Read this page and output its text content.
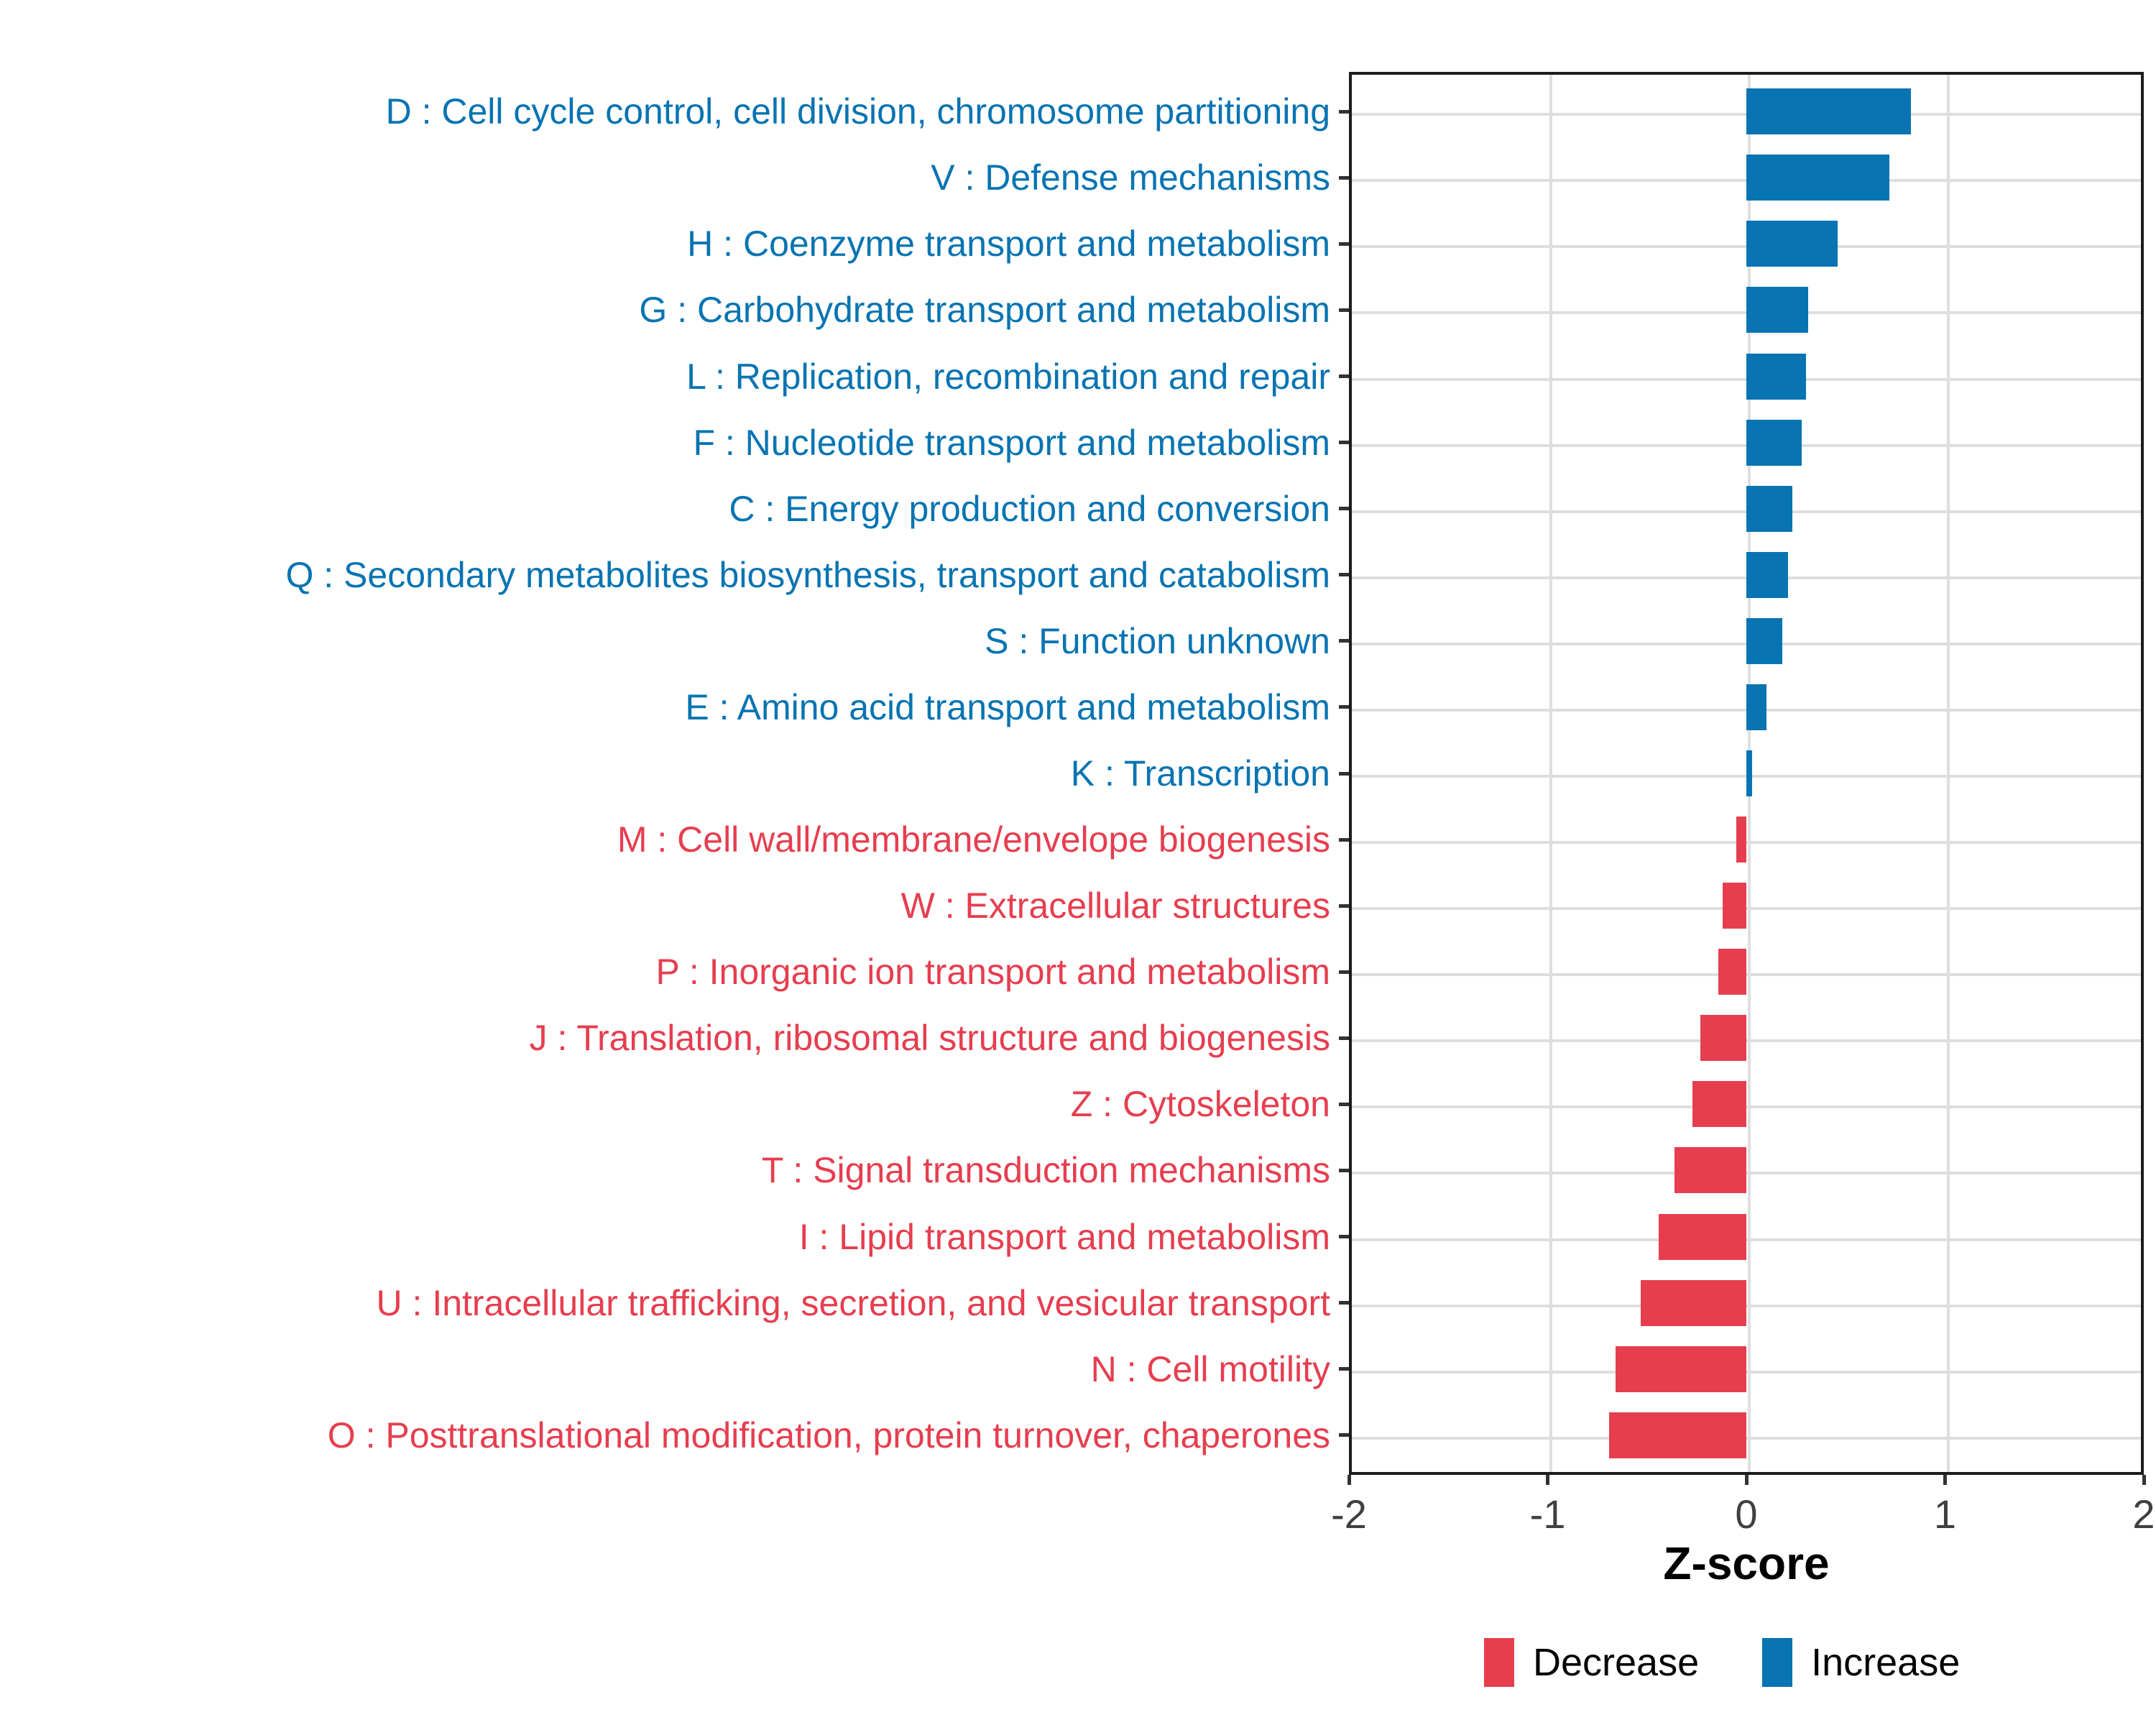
D : Cell cycle control, cell division, chromosome partitioning
V : Defense mechanisms
H : Coenzyme transport and metabolism
G : Carbohydrate transport and metabolism
L : Replication, recombination and repair
F : Nucleotide transport and metabolism
C : Energy production and conversion
Q : Secondary metabolites biosynthesis, transport and catabolism
S : Function unknown
E : Amino acid transport and metabolism
K : Transcription
M : Cell wall/membrane/envelope biogenesis
W : Extracellular structures
P : Inorganic ion transport and metabolism
J : Translation, ribosomal structure and biogenesis
Z : Cytoskeleton
T : Signal transduction mechanisms
I : Lipid transport and metabolism
U : Intracellular trafficking, secretion, and vesicular transport
N : Cell motility
O : Posttranslational modification, protein turnover, chaperones
-2	-1	0	1	2
Z-score
Decrease	Increase
